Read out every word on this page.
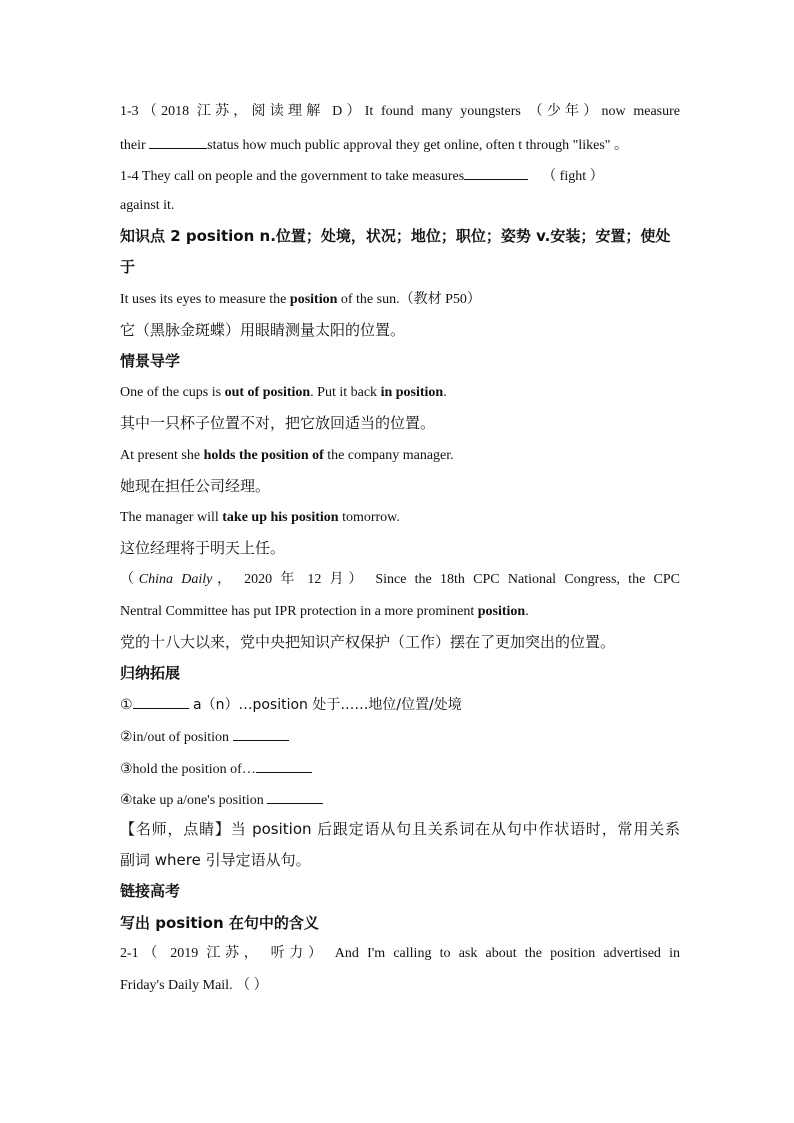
1-3（2018 江苏，阅读理解 D）It found many youngsters （少年）now measure
their	status how much public approval they get online, often t through "likes" 。
1-4 They call on people and the government to take measures	（ fight ）
against it.
知识点 2 position n.位置；处境，状况；地位；职位；姿势 v.安装；安置；使处
于
It uses its eyes to measure the position of the sun.（教材 P50）
它（黑脉金斑蝶）用眼睛测量太阳的位置。
情景导学
One of the cups is out of position. Put it back in position.
其中一只杯子位置不对，把它放回适当的位置。
At present she holds the position of the company manager.
她现在担任公司经理。
The manager will take up his position tomorrow.
这位经理将于明天上任。
（China Daily， 2020 年 12 月） Since the 18th CPC National Congress, the CPC
Nentral Committee has put IPR protection in a more prominent position.
党的十八大以来，党中央把知识产权保护（工作）摆在了更加突出的位置。
归纳拓展
①	a（n）…position 处于……地位/位置/处境
②in/out of position
③hold the position of…
④take up a/one's position
【名师，点睛】当 position 后跟定语从句且关系词在从句中作状语时，常用关系
副词 where 引导定语从句。
链接高考
写出 position 在句中的含义
2-1（ 2019 江苏， 听力） And I'm calling to ask about the position advertised in
Friday's Daily Mail. （ ）
